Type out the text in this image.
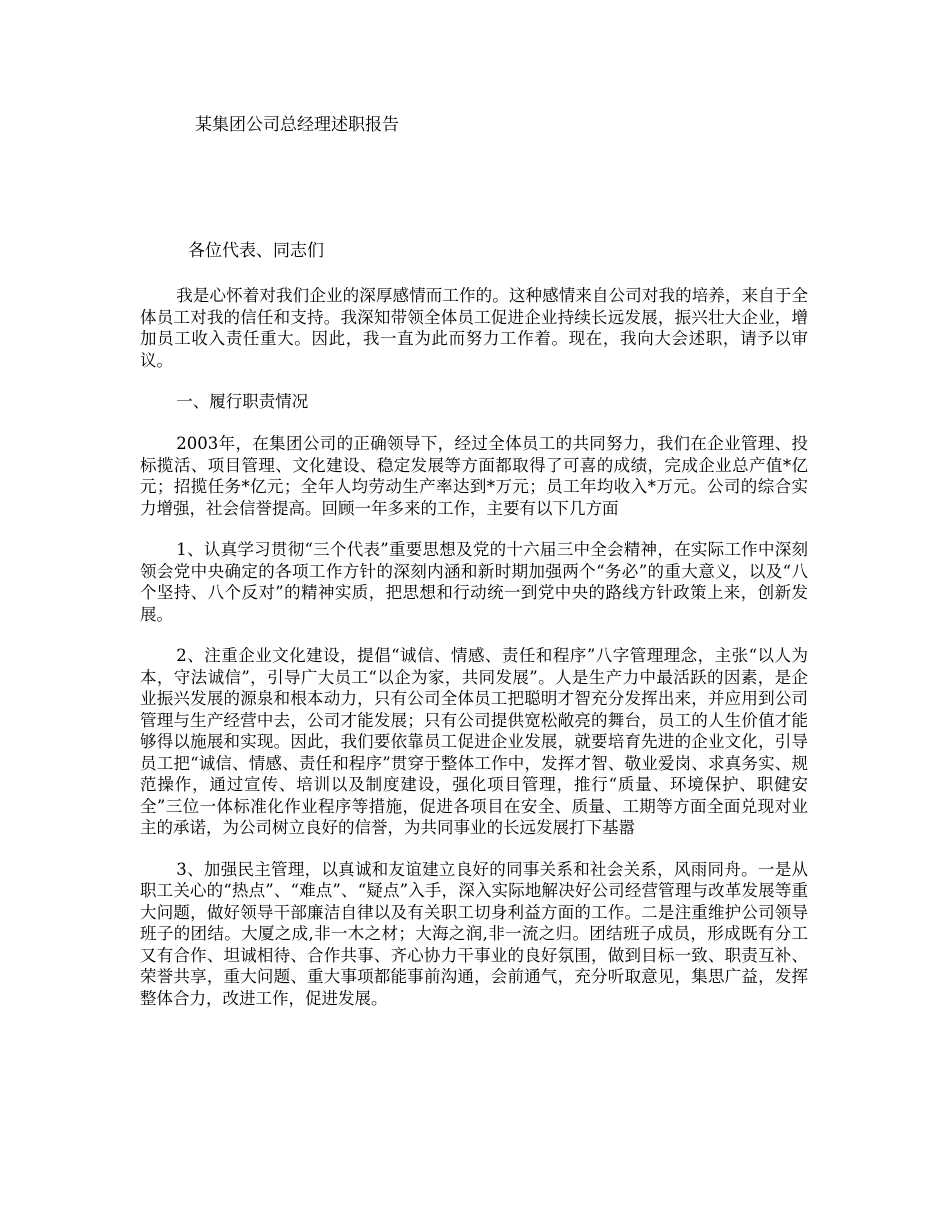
某集团公司总经理述职报告
各位代表、同志们

我是心怀着对我们企业的深厚感情而工作的。这种感情来自公司对我的培养，来自于全体员工对我的信任和支持。我深知带领全体员工促进企业持续长远发展，振兴壮大企业，增加员工收入责任重大。因此，我一直为此而努力工作着。现在，我向大会述职，请予以审议。

一、履行职责情况

2003年，在集团公司的正确领导下，经过全体员工的共同努力，我们在企业管理、投标揽活、项目管理、文化建设、稳定发展等方面都取得了可喜的成绩，完成企业总产值*亿元；招揽任务*亿元；全年人均劳动生产率达到*万元；员工年均收入*万元。公司的综合实力增强，社会信誉提高。回顾一年多来的工作，主要有以下几方面

1、认真学习贯彻“三个代表”重要思想及党的十六届三中全会精神，在实际工作中深刻领会党中央确定的各项工作方针的深刻内涵和新时期加强两个“务必”的重大意义，以及“八个坚持、八个反对”的精神实质，把思想和行动统一到党中央的路线方针政策上来，创新发展。

2、注重企业文化建设，提倡“诚信、情感、责任和程序”八字管理理念，主张“以人为本，守法诚信”，引导广大员工“以企为家，共同发展”。人是生产力中最活跃的因素，是企业振兴发展的源泉和根本动力，只有公司全体员工把聪明才智充分发挥出来，并应用到公司管理与生产经营中去，公司才能发展；只有公司提供宽松敞亮的舞台，员工的人生价值才能够得以施展和实现。因此，我们要依靠员工促进企业发展，就要培育先进的企业文化，引导员工把“诚信、情感、责任和程序”贯穿于整体工作中，发挥才智、敬业爱岗、求真务实、规范操作，通过宣传、培训以及制度建设，强化项目管理，推行“质量、环境保护、职健安全”三位一体标准化作业程序等措施，促进各项目在安全、质量、工期等方面全面兑现对业主的承诺，为公司树立良好的信誉，为共同事业的长远发展打下基嚣

3、加强民主管理，以真诚和友谊建立良好的同事关系和社会关系，风雨同舟。一是从职工关心的“热点”、“难点”、“疑点”入手，深入实际地解决好公司经营管理与改革发展等重大问题，做好领导干部廉洁自律以及有关职工切身利益方面的工作。二是注重维护公司领导班子的团结。大厦之成,非一木之材；大海之润,非一流之归。团结班子成员，形成既有分工又有合作、坦诚相待、合作共事、齐心协力干事业的良好氛围，做到目标一致、职责互补、荣誉共享，重大问题、重大事项都能事前沟通，会前通气，充分听取意见，集思广益，发挥整体合力，改进工作，促进发展。
